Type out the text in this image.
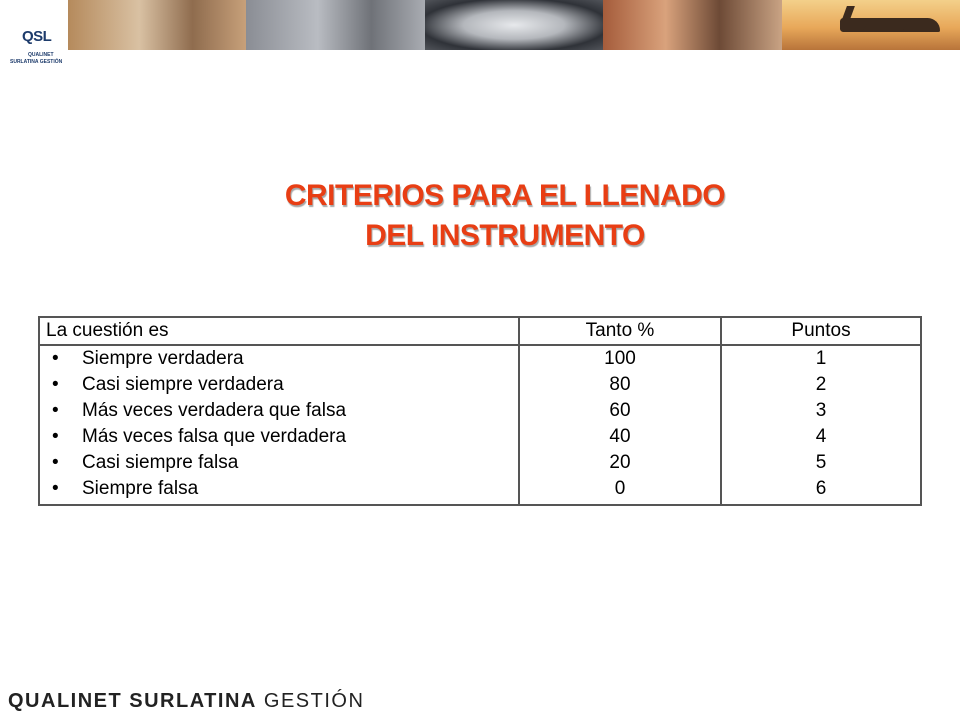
QSL
QUALINET
SURLATINA GESTIÓN
CRITERIOS PARA EL LLENADO
DEL INSTRUMENTO
La cuestión es	Tanto %	Puntos
• Siempre verdadera	100	1
• Casi siempre verdadera	80	2
• Más veces verdadera que falsa	60	3
• Más veces falsa que verdadera	40	4
• Casi siempre falsa	20	5
• Siempre falsa	0	6
QUALINET SURLATINA GESTIÓN
